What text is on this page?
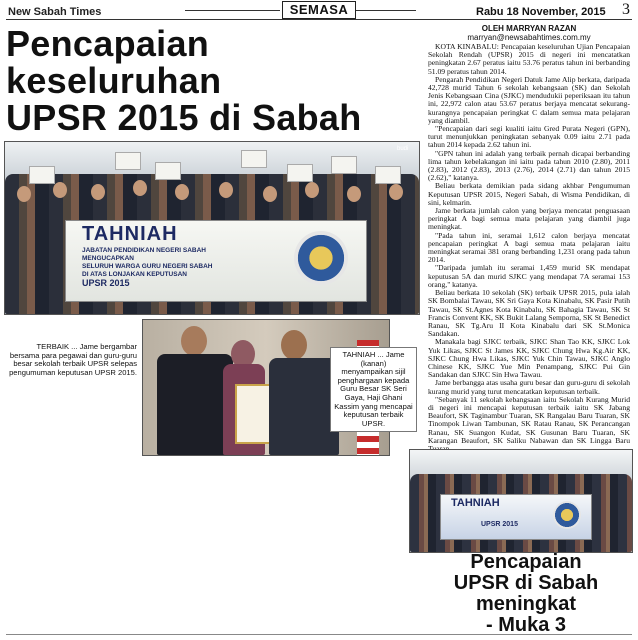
New Sabah Times	SEMASA	Rabu 18 November, 2015 3
Pencapaian keseluruhan
UPSR 2015 di Sabah
OLEH MARRYAN RAZAN
marryan@newsabahtimes.com.my

KOTA KINABALU: Pencapaian keseluruhan Ujian Pencapaian Sekolah Rendah (UPSR) 2015 di negeri ini mencatatkan peningkatan 2.67 peratus iaitu 53.76 peratus tahun ini berbanding 51.09 peratus tahun 2014.

Pengarah Pendidikan Negeri Datuk Jame Alip berkata, daripada 42,728 murid Tahun 6 sekolah kebangsaan (SK) dan Sekolah Jenis Kebangsaan Cina (SJKC) mendudukii peperiksaan itu tahun ini, 22,972 calon atau 53.67 peratus berjaya mencatat sekurang-kurangnya pencapaian peringkat C dalam semua mata pelajaran yang diambil.

"Pencapaian dari segi kualiti iaitu Gred Purata Negeri (GPN), turut menunjukkan peningkatan sebanyak 0.09 iaitu 2.71 pada tahun 2014 kepada 2.62 tahun ini.

"GPN tahun ini adalah yang terbaik pernah dicapai berbanding lima tahun kebelakangan ini iaitu pada tahun 2010 (2.80), 2011 (2.83), 2012 (2.83), 2013 (2.76), 2014 (2.71) dan tahun 2015 (2.62)," katanya.

Beliau berkata demikian pada sidang akhbar Pengumuman Keputusan UPSR 2015, Negeri Sabah, di Wisma Pendidikan, di sini, kelmarin.

Jame berkata jumlah calon yang berjaya mencatat penguasaan peringkat A bagi semua mata pelajaran yang diambil juga meningkat.

"Pada tahun ini, seramai 1,612 calon berjaya mencatat pencapaian peringkat A bagi semua mata pelajaran iaitu meningkat seramai 381 orang berbanding 1,231 orang pada tahun 2014.

"Daripada jumlah itu seramai 1,459 murid SK mendapat keputusan 5A dan murid SJKC yang mendapat 7A seramai 153 orang," katanya.

Beliau berkata 10 sekolah (SK) terbaik UPSR 2015, pula ialah SK Bombalai Tawau, SK Sri Gaya Kota Kinabalu, SK Pasir Putih Tawau, SK St.Agnes Kota Kinabalu, SK Bahagia Tawau, SK St Francis Convent KK, SK Bukit Lalang Semporna, SK St Benedict Ranau, SK Tg.Aru II Kota Kinabalu dari SK St.Monica Sandakan.

Manakala bagi SJKC terbaik, SJKC Shan Tao KK, SJKC Lok Yuk Likas, SJKC St James KK, SJKC Chung Hwa Kg.Air KK, SJKC Chung Hwa Likas, SJKC Yuk Chin Tawau, SJKC Anglo Chinese KK, SJKC Yue Min Penampang, SJKC Pui Gin Sandakan dan SJKC Sin Hwa Tawau.

Jame berbangga atas usaha guru besar dan guru-guru di sekolah kurang murid yang turut mencatatkan keputusan terbaik.

"Sebanyak 11 sekolah kebangsaan iaitu Sekolah Kurang Murid di negeri ini mencapai keputusan terbaik iaitu SK Jabang Beaufort, SK Taginambur Tuaran, SK Rangalau Baru Tuaran, SK Tinompok Liwan Tambunan, SK Ratau Ranau, SK Perancangan Ranau, SK Suangon Kudat, SK Gusunan Baru Tuaran, SK Karangan Beaufort, SK Saliku Nabawan dan SK Lingga Baru

TAHNIAH
JABATAN PENDIDIKAN NEGERI SABAH
MENGUCAPKAN
SELURUH WARGA GURU NEGERI SABAH
DI ATAS LONJAKAN KEPUTUSAN
UPSR 2015
budi
TERBAIK ... Jame bergambar bersama para pegawai dan guru-guru besar sekolah terbaik UPSR selepas pengumuman keputusan UPSR 2015.
TAHNIAH ... Jame (kanan) menyampaikan sijil penghargaan kepada Guru Besar SK Seri Gaya, Haji Ghani Kassim yang mencapai keputusan terbaik UPSR.
TAHNIAH
UPSR 2015
Pencapaian
UPSR di Sabah
meningkat
- Muka 3
